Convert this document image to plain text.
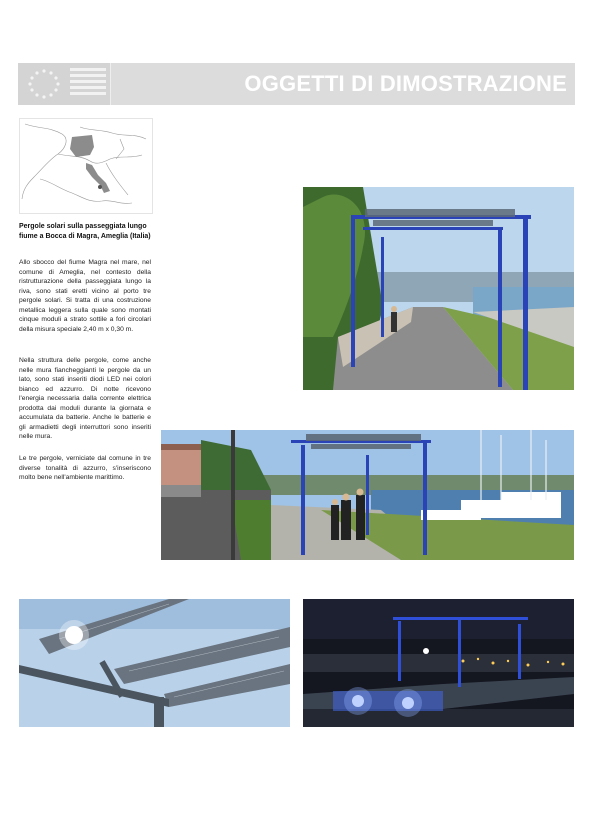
OGGETTI DI DIMOSTRAZIONE
Pergole solari sulla passeggiata lungo fiume a Bocca di Magra, Ameglia (Italia)
Allo sbocco del fiume Magra nel mare, nel comune di Ameglia, nel contesto della ristrutturazione della passeggiata lungo la riva, sono stati eretti vicino al porto tre pergole solari. Si tratta di una costruzione metallica leggera sulla quale sono montati cinque moduli a strato sottile a fori circolari della misura speciale 2,40 m x 0,30 m.
Nella struttura delle pergole, come anche nelle mura fiancheggianti le pergole da un lato, sono stati inseriti diodi LED nei colori bianco ed azzurro. Di notte ricevono l'energia necessaria dalla corrente elettrica prodotta dai moduli durante la giornata e accumulata da batterie. Anche le batterie e gli armadietti degli interruttori sono inseriti nelle mura.
Le tre pergole, verniciate dal comune in tre diverse tonalità di azzurro, s'inseriscono molto bene nell'ambiente marittimo.
